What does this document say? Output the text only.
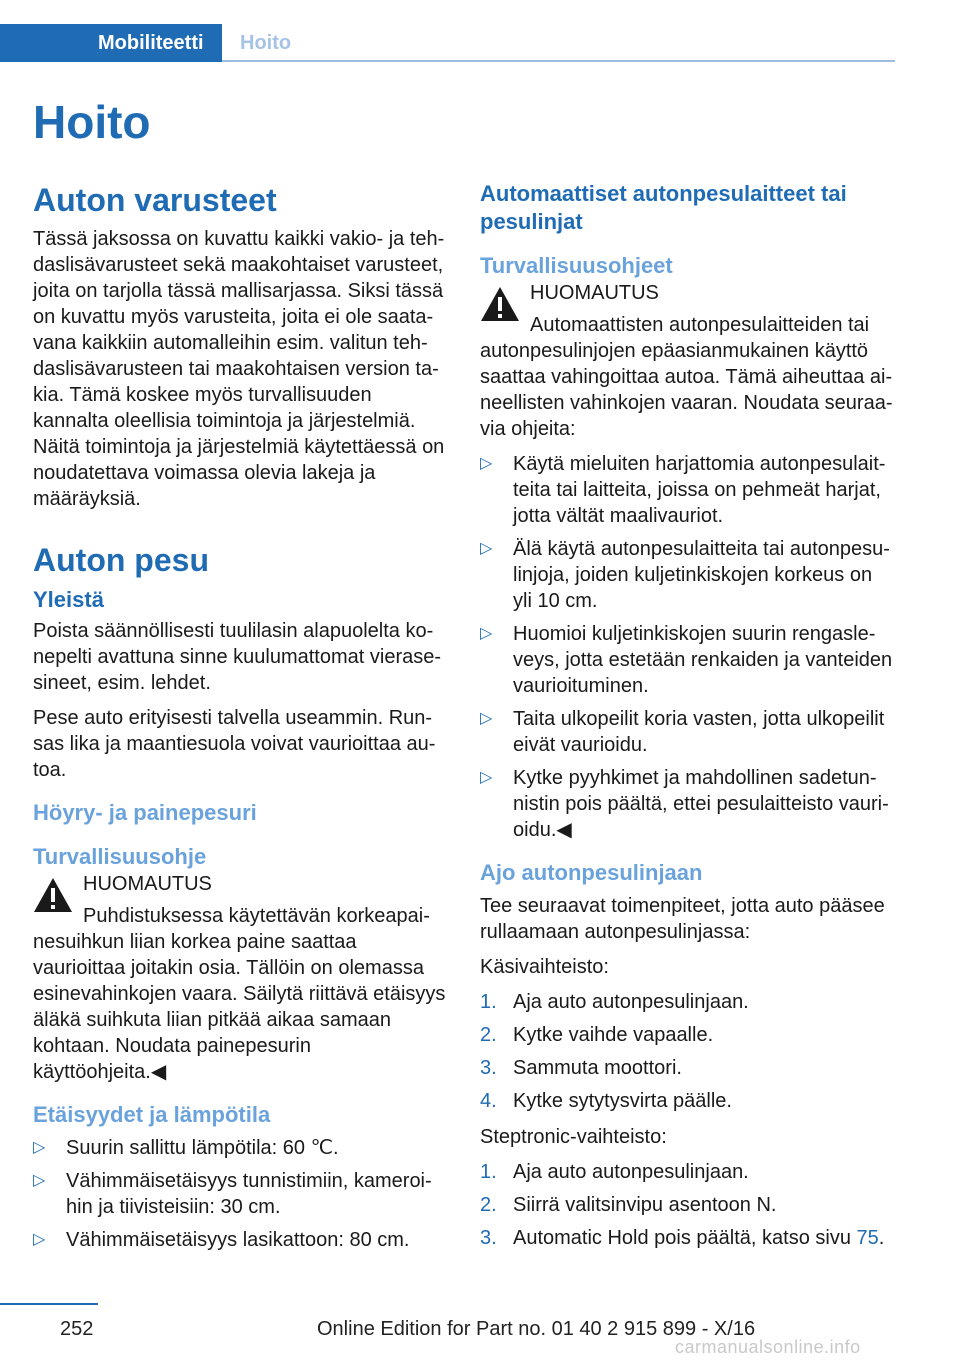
Mobiliteetti	Hoito
Hoito
Auton varusteet

Tässä jaksossa on kuvattu kaikki vakio- ja tehdaslisävarusteet sekä maakohtaiset varusteet, joita on tarjolla tässä mallisarjassa. Siksi tässä on kuvattu myös varusteita, joita ei ole saatavana kaikkiin automalleihin esim. valitun tehdaslisävarusteen tai maakohtaisen version takia. Tämä koskee myös turvallisuuden kannalta oleellisia toimintoja ja järjestelmiä. Näitä toimintoja ja järjestelmiä käytettäessä on noudatettava voimassa olevia lakeja ja määräyksiä.

Auton pesu
Yleistä

Poista säännöllisesti tuulilasin alapuolelta konepelti avattuna sinne kuulumattomat vierasesineet, esim. lehdet.

Pese auto erityisesti talvella useammin. Runsas lika ja maantiesuola voivat vaurioittaa autoa.

Höyry- ja painepesuri
Turvallisuusohje

HUOMAUTUS

Puhdistuksessa käytettävän korkeapainesuihkun liian korkea paine saattaa vaurioittaa joitakin osia. Tällöin on olemassa esinevahinkojen vaara. Säilytä riittävä etäisyys äläkä suihkuta liian pitkää aikaa samaan kohtaan. Noudata painepesurin käyttöohjeita.◀

Etäisyydet ja lämpötila
▷ Suurin sallittu lämpötila: 60 ℃.
▷ Vähimmäisetäisyys tunnistimiin, kameroihin ja tiivisteisiin: 30 cm.
▷ Vähimmäisetäisyys lasikattoon: 80 cm.
Automaattiset autonpesulaitteet tai pesulinjat
Turvallisuusohjeet

HUOMAUTUS

Automaattisten autonpesulaitteiden tai autonpesulinjojen epäasianmukainen käyttö saattaa vahingoittaa autoa. Tämä aiheuttaa aineellisten vahinkojen vaaran. Noudata seuraavia ohjeita:

▷ Käytä mieluiten harjattomia autonpesulaitteita tai laitteita, joissa on pehmeät harjat, jotta vältät maalivauriot.
▷ Älä käytä autonpesulaitteita tai autonpesulinjoja, joiden kuljetinkiskojen korkeus on yli 10 cm.
▷ Huomioi kuljetinkiskojen suurin rengasleveys, jotta estetään renkaiden ja vanteiden vaurioituminen.
▷ Taita ulkopeilit koria vasten, jotta ulkopeilit eivät vaurioidu.
▷ Kytke pyyhkimet ja mahdollinen sadetunnistin pois päältä, ettei pesulaitteisto vaurioidu.◀
Ajo autonpesulinjaan

Tee seuraavat toimenpiteet, jotta auto pääsee rullaamaan autonpesulinjassa:

Käsivaihteisto:

1. Aja auto autonpesulinjaan.
2. Kytke vaihde vapaalle.
3. Sammuta moottori.
4. Kytke sytytysvirta päälle.

Steptronic-vaihteisto:

1. Aja auto autonpesulinjaan.
2. Siirrä valitsinvipu asentoon N.
3. Automatic Hold pois päältä, katso sivu 75.
252	Online Edition for Part no. 01 40 2 915 899 - X/16
carmanualsonline.info
